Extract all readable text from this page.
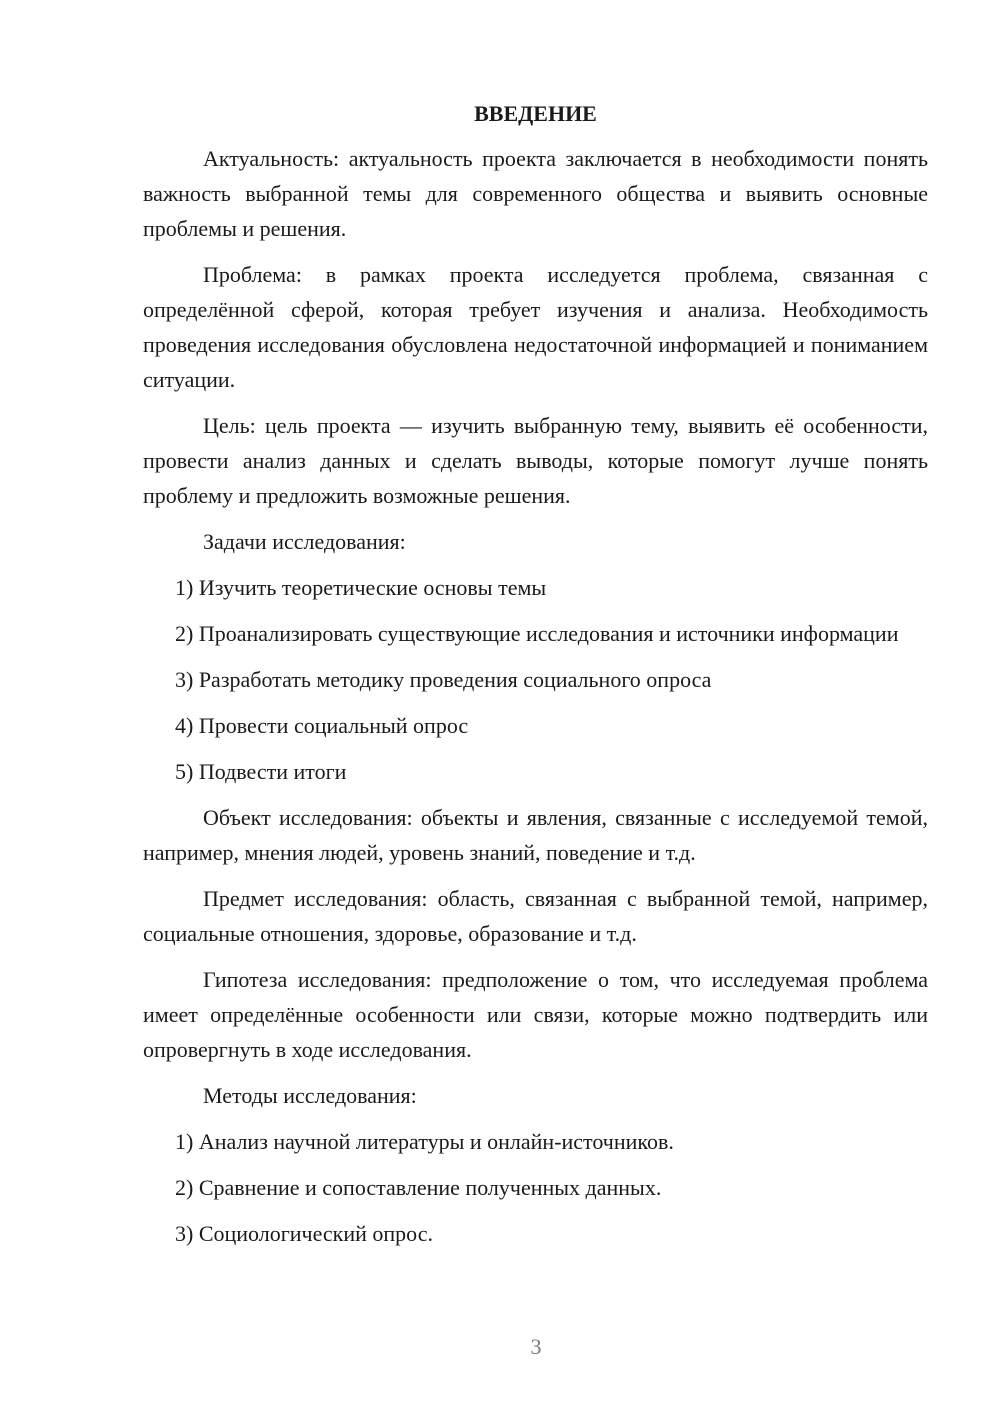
ВВЕДЕНИЕ

Актуальность: актуальность проекта заключается в необходимости понять важность выбранной темы для современного общества и выявить основные проблемы и решения.

Проблема: в рамках проекта исследуется проблема, связанная с определённой сферой, которая требует изучения и анализа. Необходимость проведения исследования обусловлена недостаточной информацией и пониманием ситуации.

Цель: цель проекта — изучить выбранную тему, выявить её особенности, провести анализ данных и сделать выводы, которые помогут лучше понять проблему и предложить возможные решения.

Задачи исследования:

1) Изучить теоретические основы темы

2) Проанализировать существующие исследования и источники информации

3) Разработать методику проведения социального опроса

4) Провести социальный опрос

5) Подвести итоги

Объект исследования: объекты и явления, связанные с исследуемой темой, например, мнения людей, уровень знаний, поведение и т.д.

Предмет исследования: область, связанная с выбранной темой, например, социальные отношения, здоровье, образование и т.д.

Гипотеза исследования: предположение о том, что исследуемая проблема имеет определённые особенности или связи, которые можно подтвердить или опровергнуть в ходе исследования.

Методы исследования:

1) Анализ научной литературы и онлайн-источников.

2) Сравнение и сопоставление полученных данных.

3) Социологический опрос.

3
